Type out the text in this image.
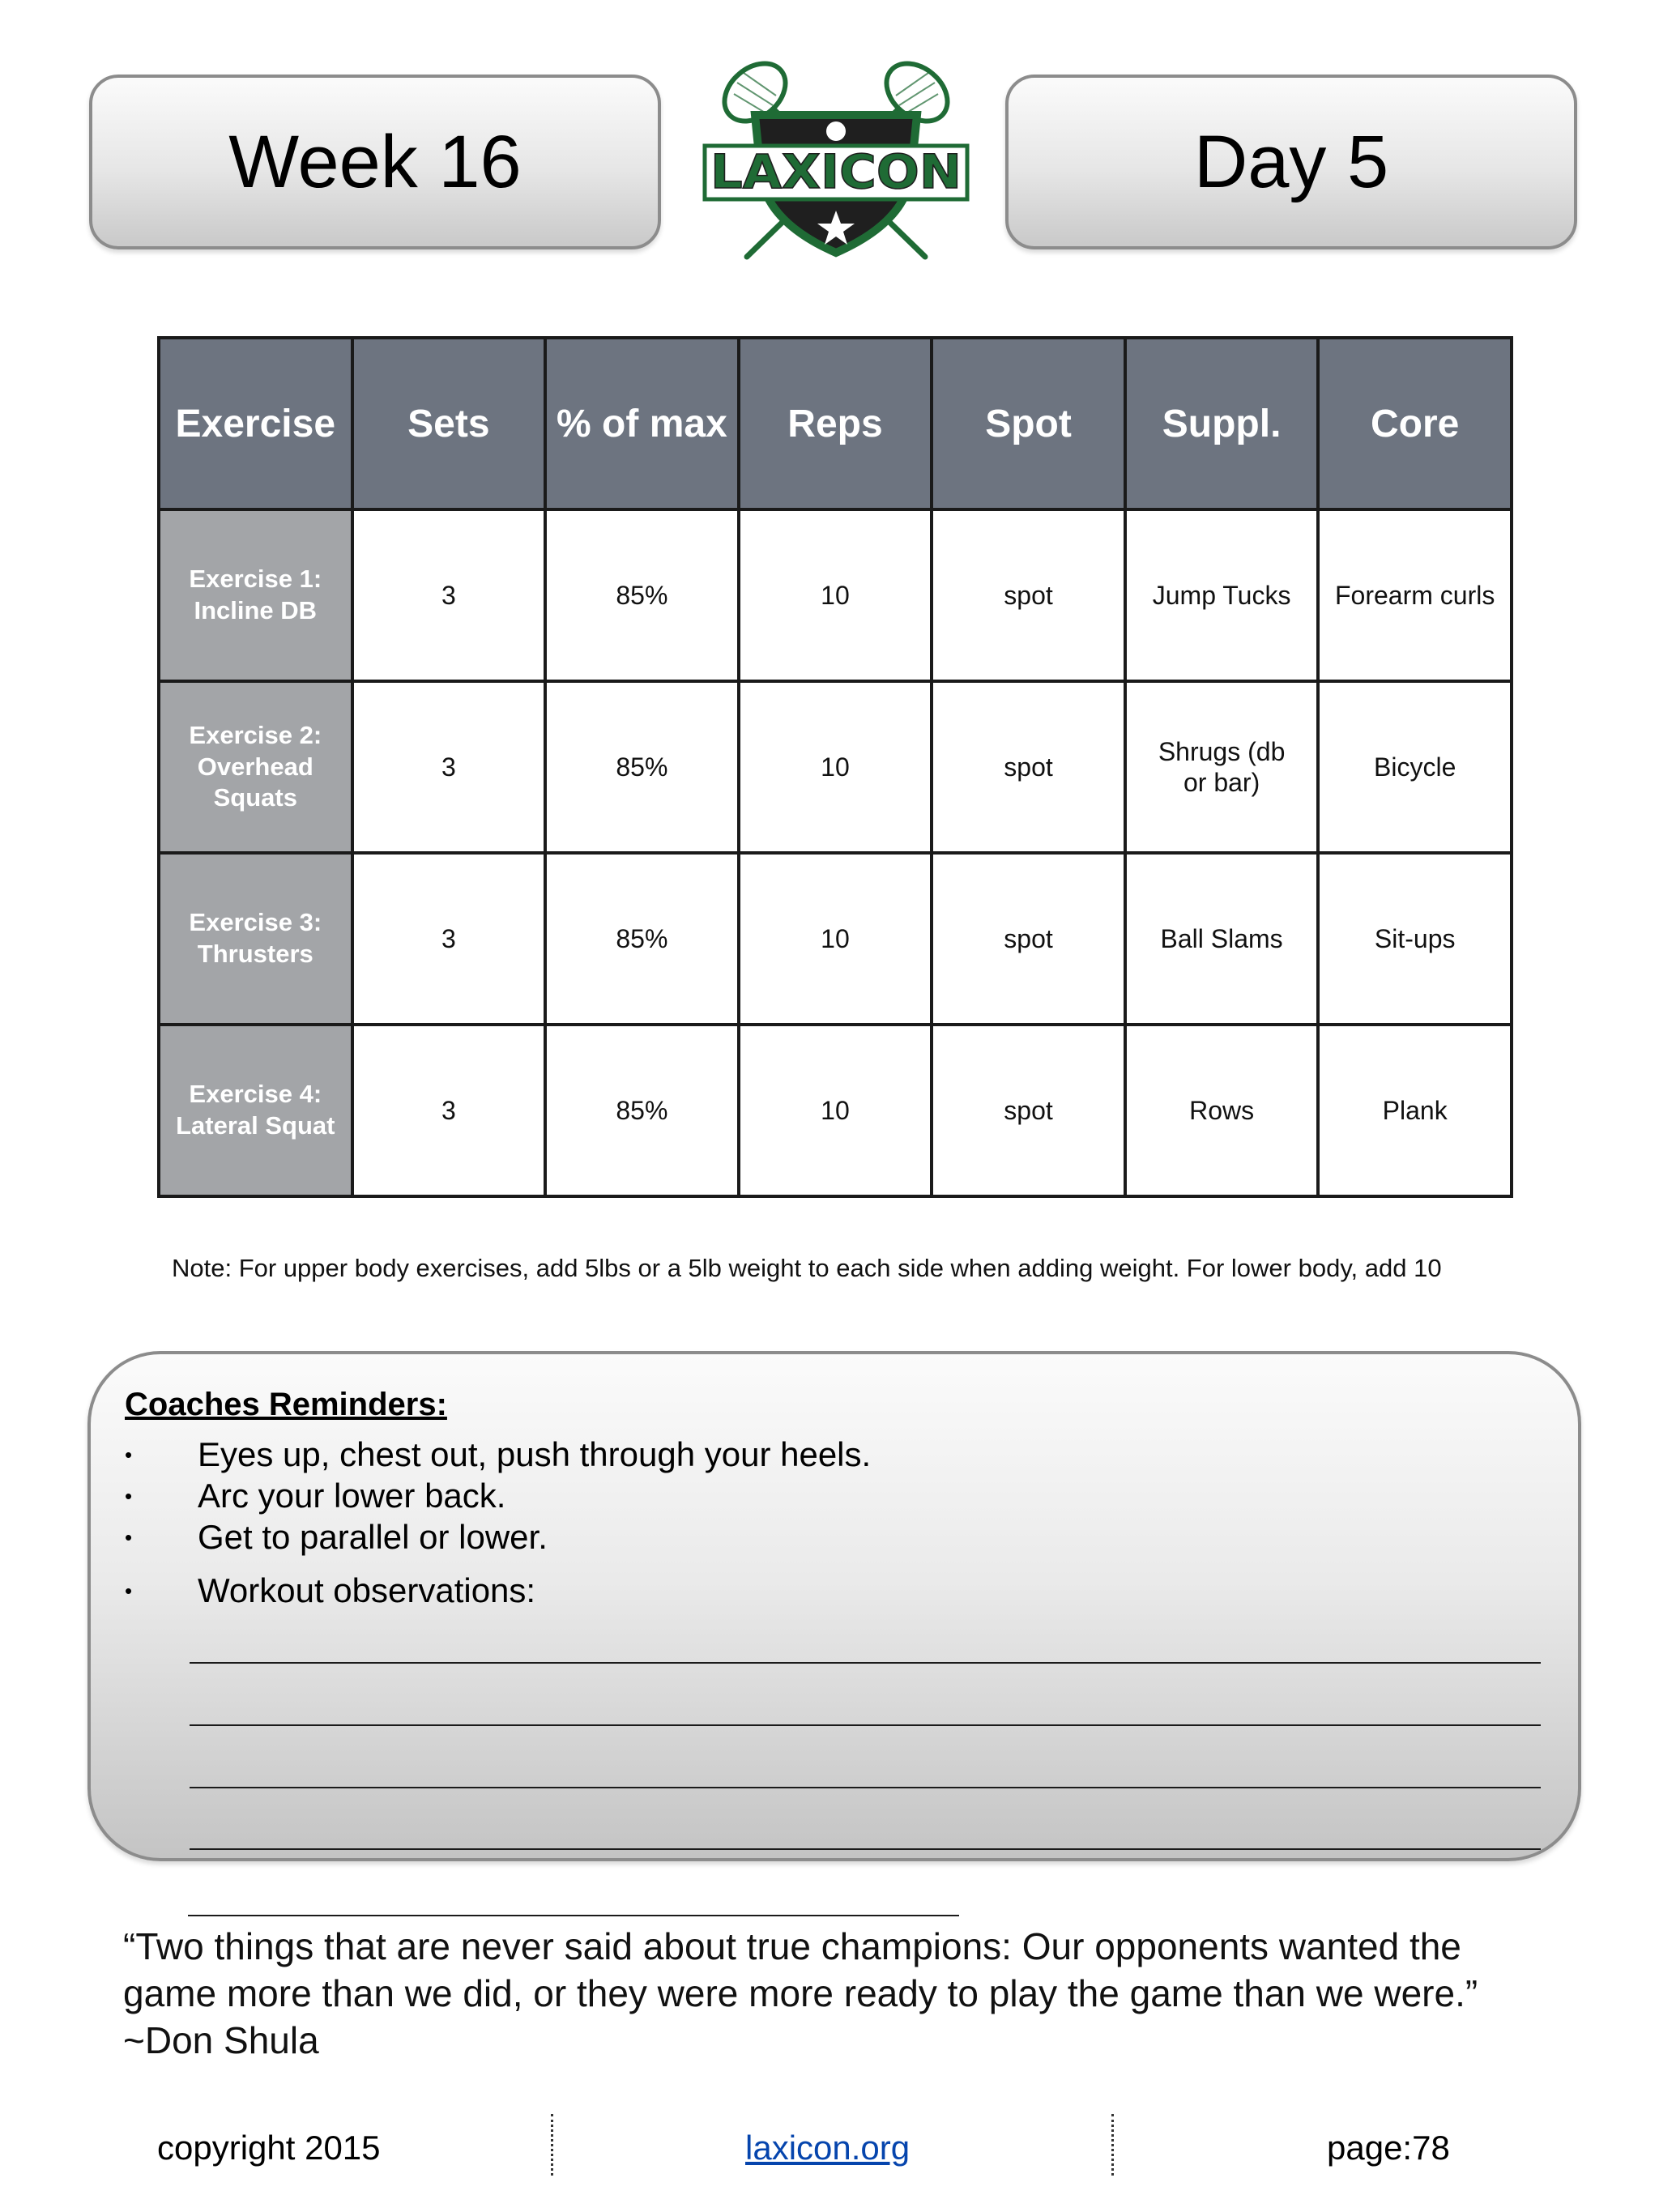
Week 16	LAXICON	Day 5
Exercise	Sets	% of max	Reps	Spot	Suppl.	Core

Exercise 1:
Incline DB	3	85%	10	spot	Jump Tucks	Forearm curls

Exercise 2:
Overhead
Squats	3	85%	10	spot	Shrugs (db or bar)	Bicycle

Exercise 3:
Thrusters	3	85%	10	spot	Ball Slams	Sit-ups

Exercise 4:
Lateral Squat	3	85%	10	spot	Rows	Plank
Note: For upper body exercises, add 5lbs or a 5lb weight to each side when adding weight. For lower body, add 10
Coaches Reminders:
•	Eyes up, chest out, push through your heels.
•	Arc your lower back.
•	Get to parallel or lower.
•	Workout observations:
“Two things that are never said about true champions: Our opponents wanted the game more than we did, or they were more ready to play the game than we were.” ~Don Shula
copyright 2015	laxicon.org	page:78
